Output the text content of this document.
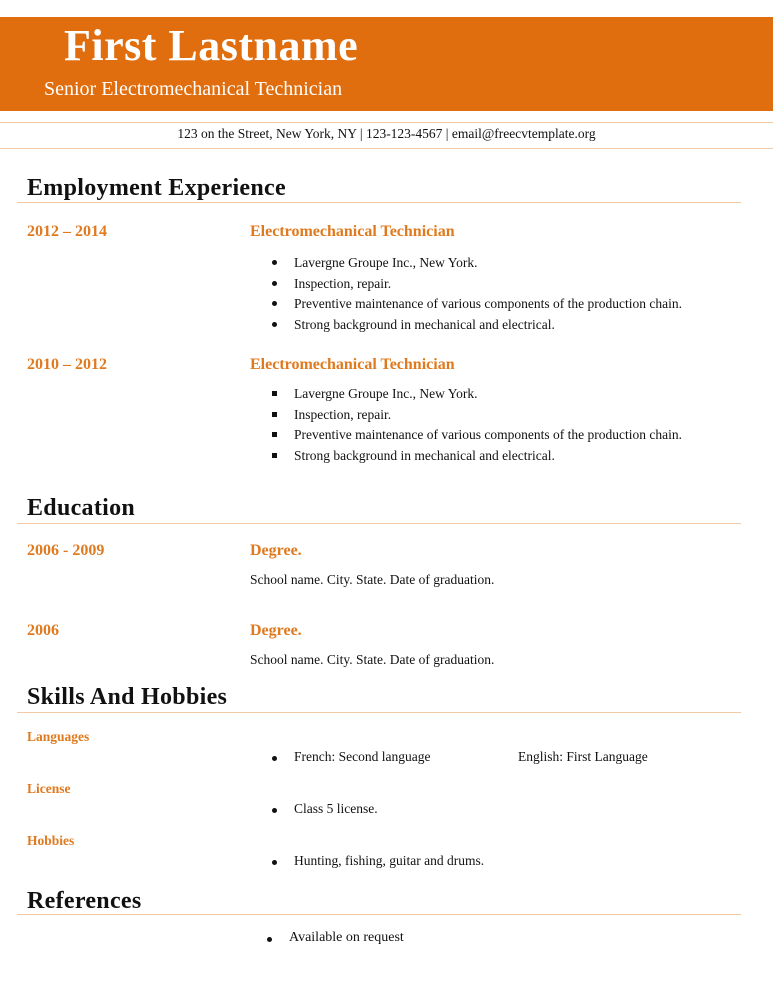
First Lastname
Senior Electromechanical Technician
123 on the Street, New York, NY | 123-123-4567 | email@freecvtemplate.org
Employment Experience
2012 – 2014	Electromechanical Technician
Lavergne Groupe Inc., New York.
Inspection, repair.
Preventive maintenance of various components of the production chain.
Strong background in mechanical and electrical.
2010 – 2012	Electromechanical Technician
Lavergne Groupe Inc., New York.
Inspection, repair.
Preventive maintenance of various components of the production chain.
Strong background in mechanical and electrical.
Education
2006 - 2009	Degree.
School name. City. State. Date of graduation.
2006	Degree.
School name. City. State. Date of graduation.
Skills And Hobbies
Languages
French: Second language	English: First Language
License
Class 5 license.
Hobbies
Hunting, fishing, guitar and drums.
References
Available on request
